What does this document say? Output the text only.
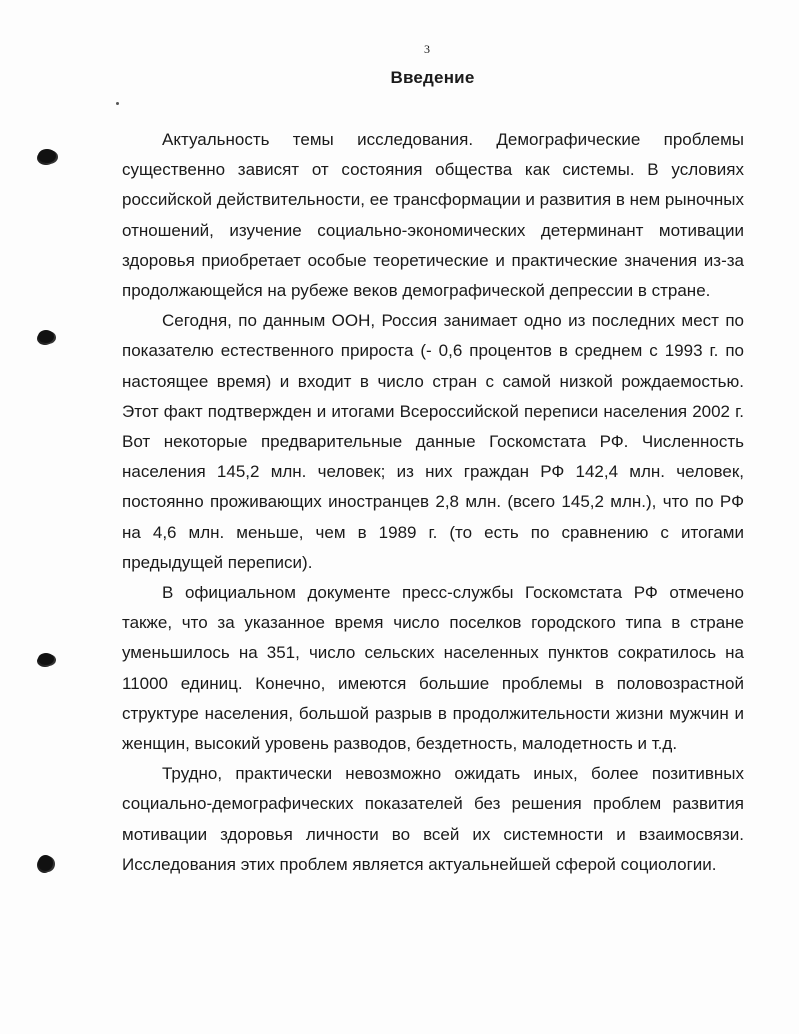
3
Введение

Актуальность темы исследования. Демографические проблемы существенно зависят от состояния общества как системы. В условиях российской действительности, ее трансформации и развития в нем рыночных отношений, изучение социально-экономических детерминант мотивации здоровья приобретает особые теоретические и практические значения из-за продолжающейся на рубеже веков демографической депрессии в стране.

Сегодня, по данным ООН, Россия занимает одно из последних мест по показателю естественного прироста (- 0,6 процентов в среднем с 1993 г. по настоящее время) и входит в число стран с самой низкой рождаемостью. Этот факт подтвержден и итогами Всероссийской переписи населения 2002 г. Вот некоторые предварительные данные Госкомстата РФ. Численность населения 145,2 млн. человек; из них граждан РФ 142,4 млн. человек, постоянно проживающих иностранцев 2,8 млн. (всего 145,2 млн.), что по РФ на 4,6 млн. меньше, чем в 1989 г. (то есть по сравнению с итогами предыдущей переписи).

В официальном документе пресс-службы Госкомстата РФ отмечено также, что за указанное время число поселков городского типа в стране уменьшилось на 351, число сельских населенных пунктов сократилось на 11000 единиц. Конечно, имеются большие проблемы в половозрастной структуре населения, большой разрыв в продолжительности жизни мужчин и женщин, высокий уровень разводов, бездетность, малодетность и т.д.

Трудно, практически невозможно ожидать иных, более позитивных социально-демографических показателей без решения проблем развития мотивации здоровья личности во всей их системности и взаимосвязи. Исследования этих проблем является актуальнейшей сферой социологии.
